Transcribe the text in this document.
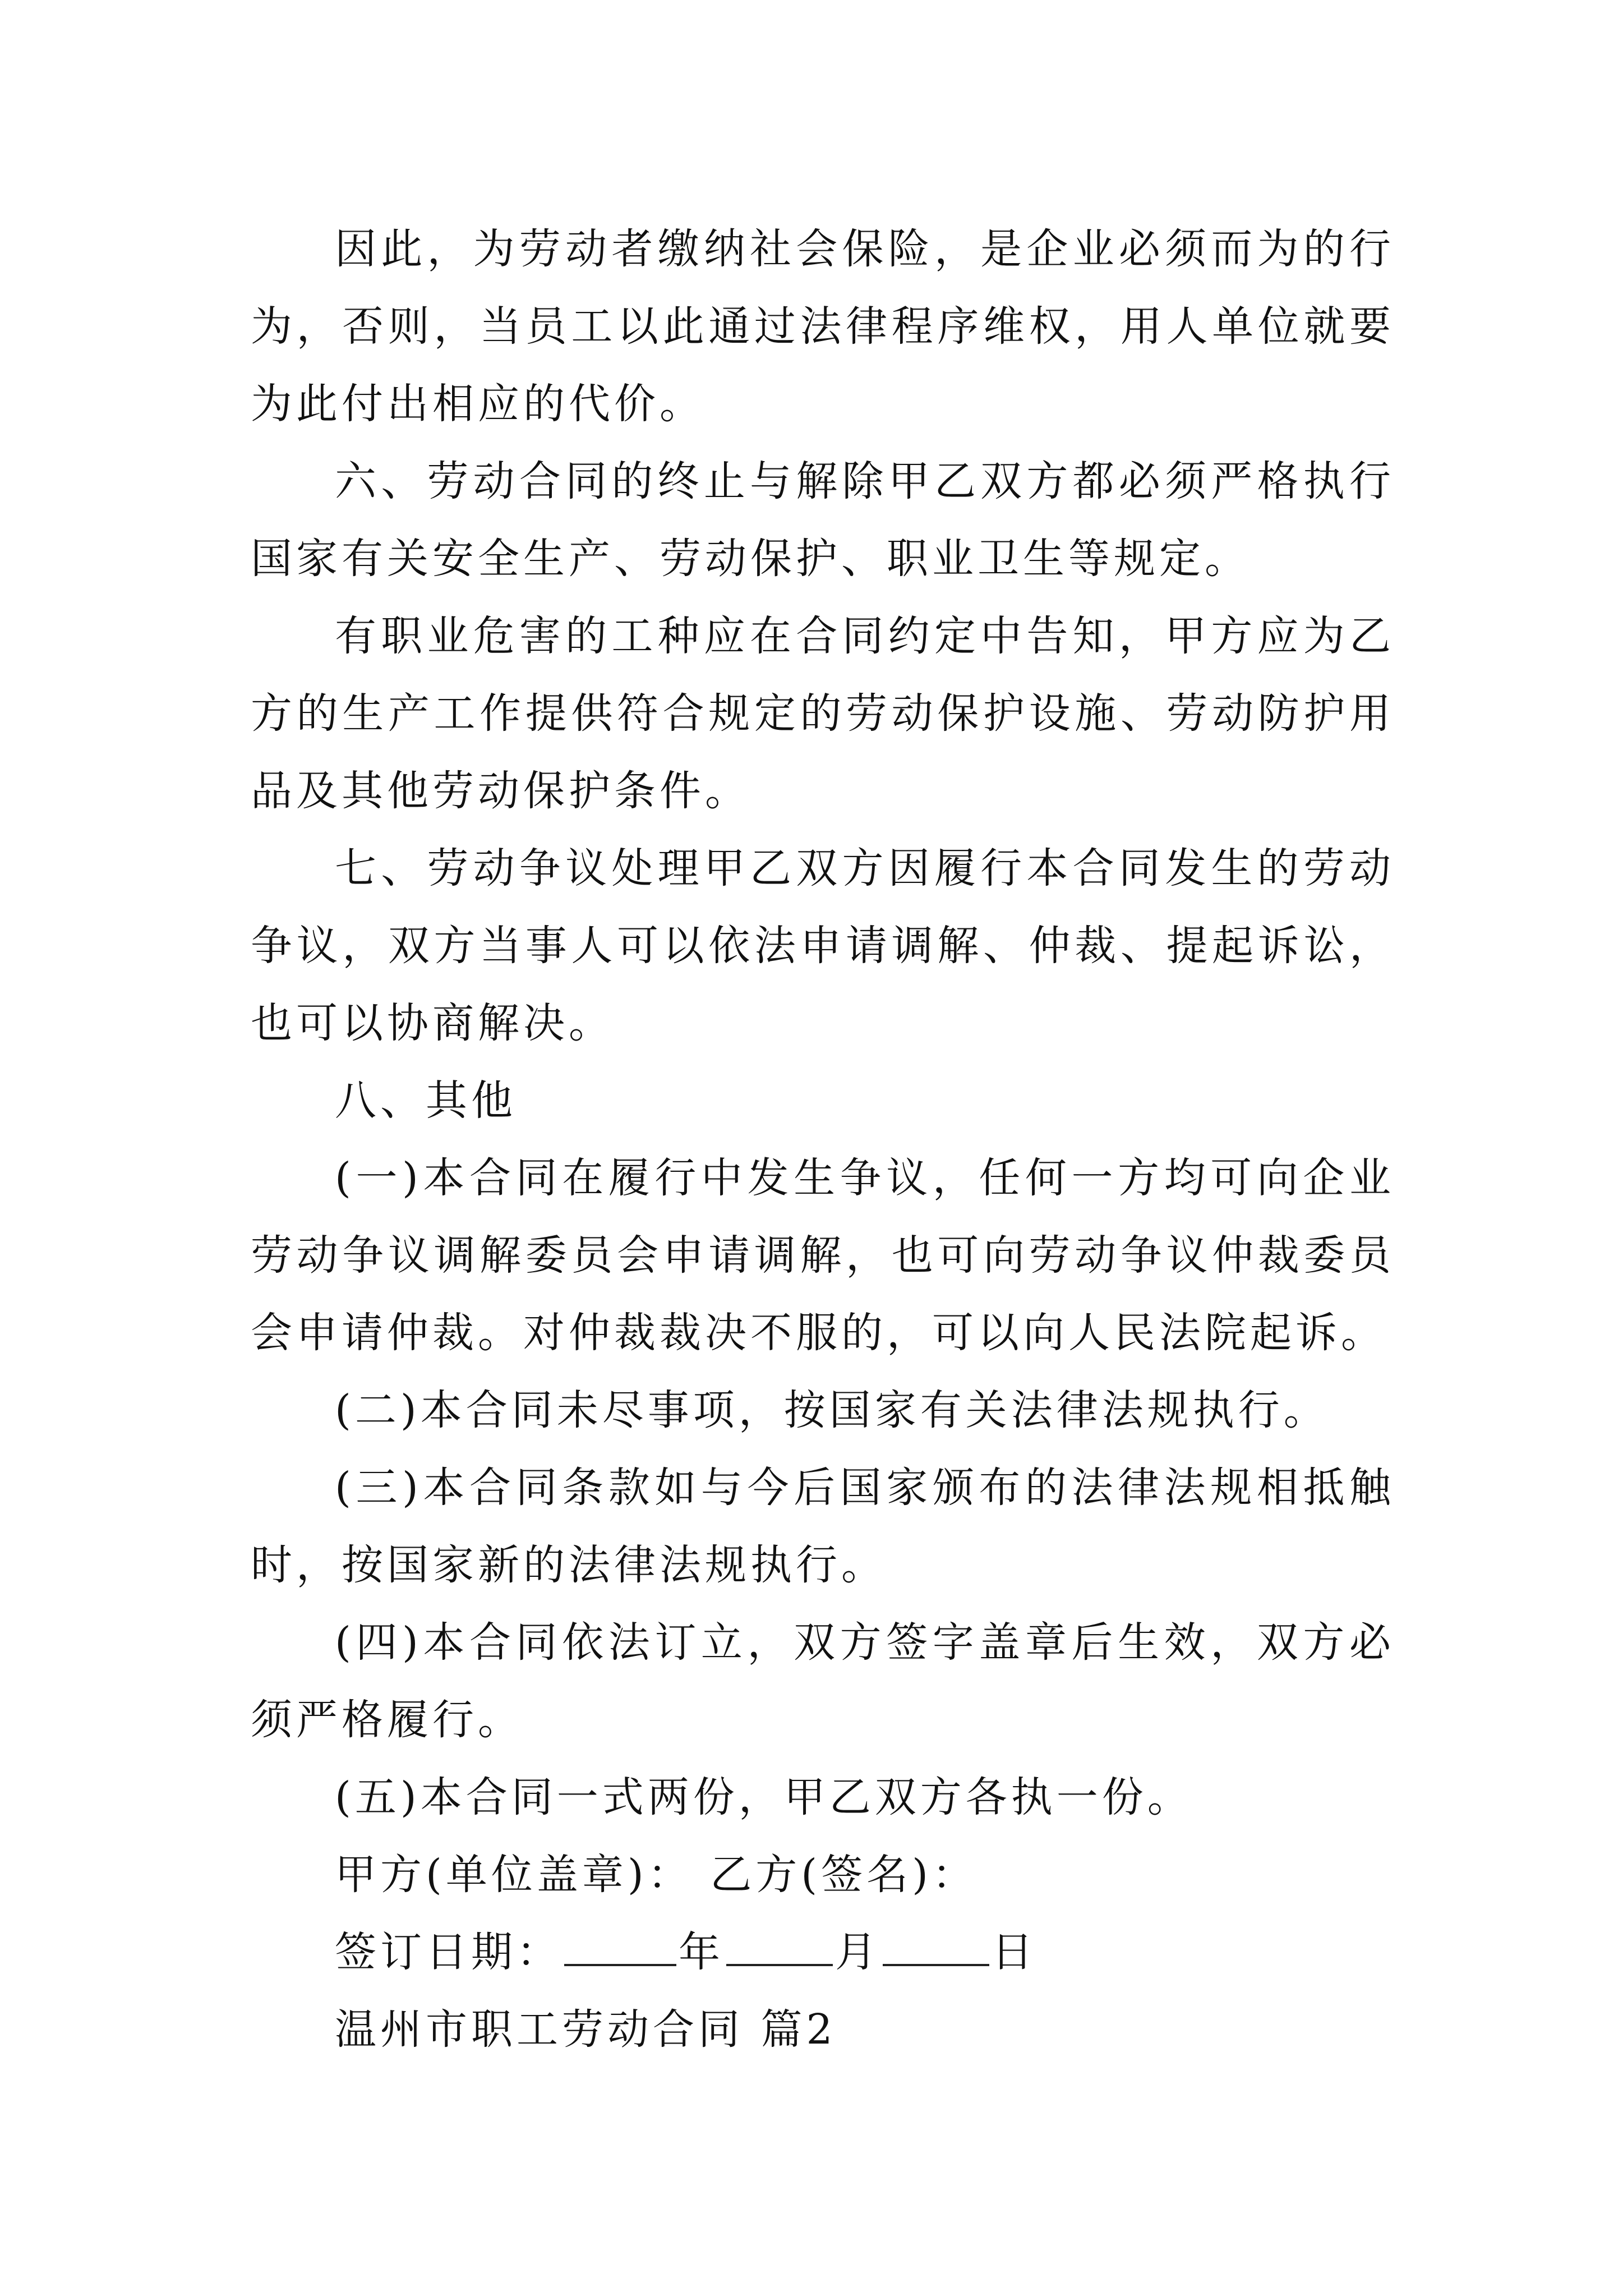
因此，为劳动者缴纳社会保险，是企业必须而为的行为，否则，当员工以此通过法律程序维权，用人单位就要为此付出相应的代价。

六、劳动合同的终止与解除甲乙双方都必须严格执行国家有关安全生产、劳动保护、职业卫生等规定。

有职业危害的工种应在合同约定中告知，甲方应为乙方的生产工作提供符合规定的劳动保护设施、劳动防护用品及其他劳动保护条件。

七、劳动争议处理甲乙双方因履行本合同发生的劳动争议，双方当事人可以依法申请调解、仲裁、提起诉讼，也可以协商解决。

八、其他

(一)本合同在履行中发生争议，任何一方均可向企业劳动争议调解委员会申请调解，也可向劳动争议仲裁委员会申请仲裁。对仲裁裁决不服的，可以向人民法院起诉。

(二)本合同未尽事项，按国家有关法律法规执行。

(三)本合同条款如与今后国家颁布的法律法规相抵触时，按国家新的法律法规执行。

(四)本合同依法订立，双方签字盖章后生效，双方必须严格履行。

(五)本合同一式两份，甲乙双方各执一份。

甲方(单位盖章)： 乙方(签名)：

签订日期：	年	月	日

温州市职工劳动合同 篇2
